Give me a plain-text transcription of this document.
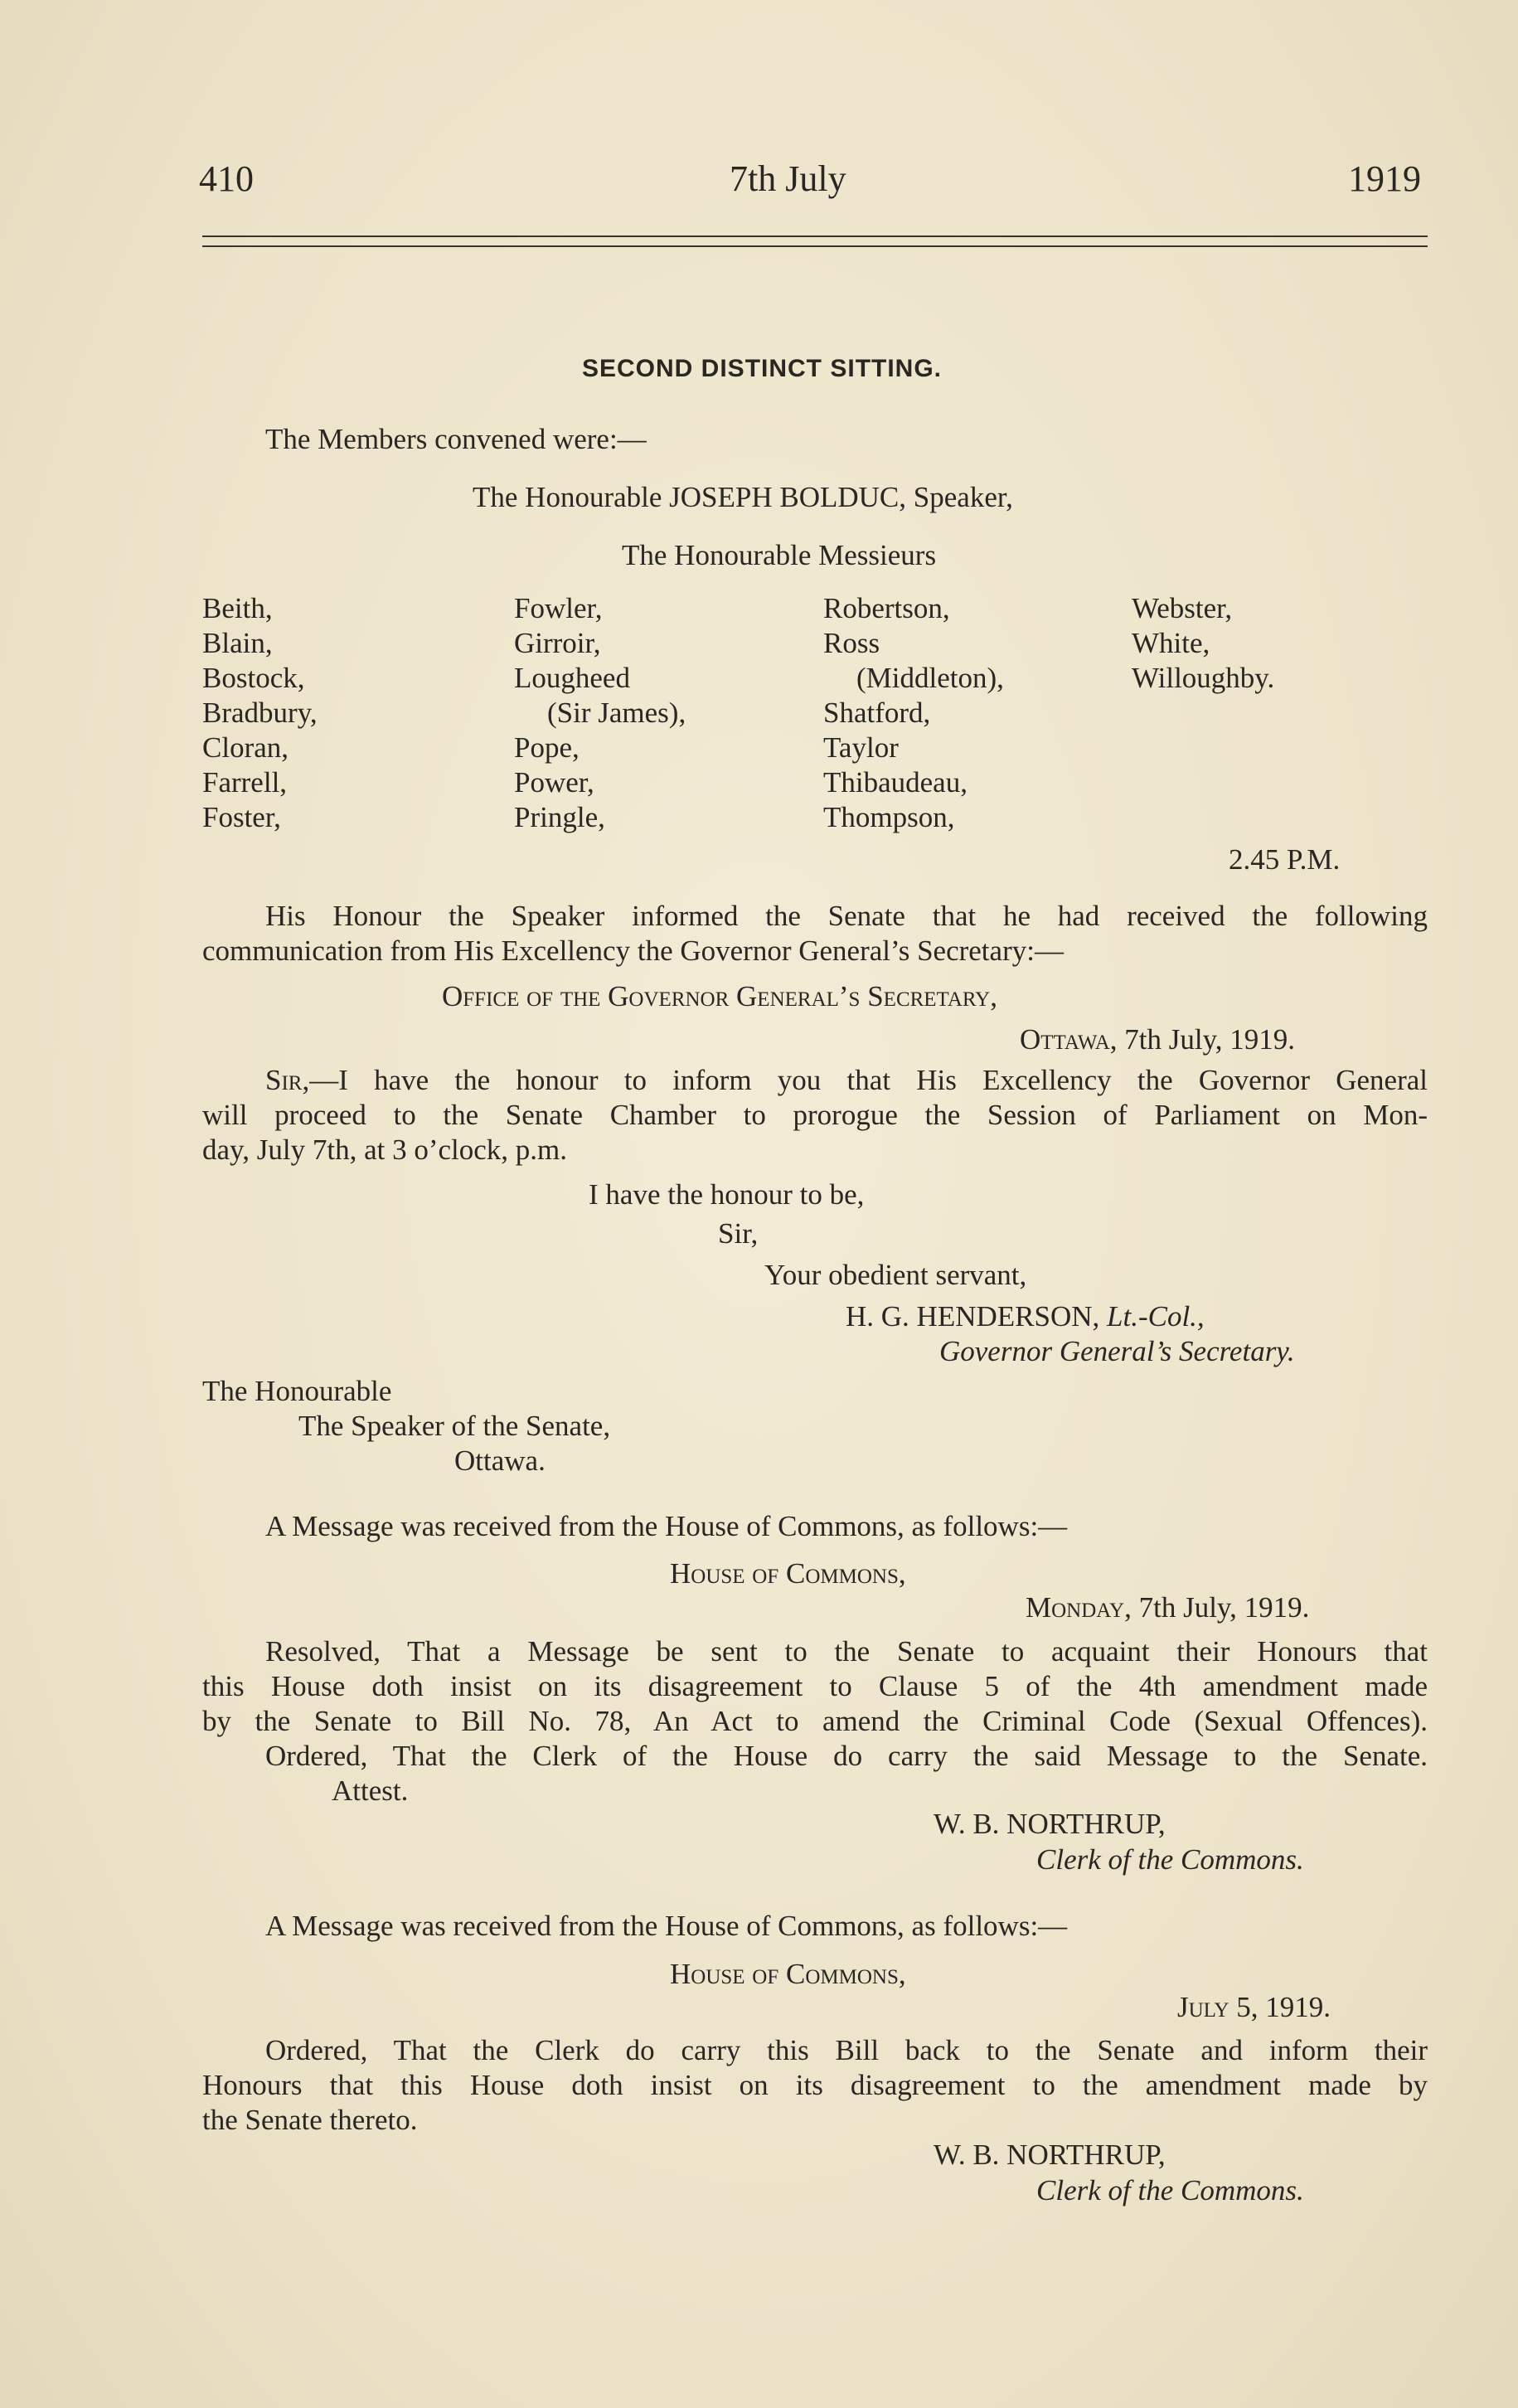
410	7th July	1919
SECOND DISTINCT SITTING.
The Members convened were:—
The Honourable JOSEPH BOLDUC, Speaker,
The Honourable Messieurs
Beith,
Blain,
Bostock,
Bradbury,
Cloran,
Farrell,
Foster,
Fowler,
Girroir,
Lougheed
(Sir James),
Pope,
Power,
Pringle,
Robertson,
Ross
(Middleton),
Shatford,
Taylor
Thibaudeau,
Thompson,
Webster,
White,
Willoughby.
2.45 P.M.
His Honour the Speaker informed the Senate that he had received the following
communication from His Excellency the Governor General’s Secretary:—
Office of the Governor General’s Secretary,
Ottawa, 7th July, 1919.
Sir,—I have the honour to inform you that His Excellency the Governor General
will proceed to the Senate Chamber to prorogue the Session of Parliament on Mon-
day, July 7th, at 3 o’clock, p.m.
I have the honour to be,
Sir,
Your obedient servant,
H. G. HENDERSON, Lt.-Col.,
Governor General’s Secretary.
The Honourable
The Speaker of the Senate,
Ottawa.
A Message was received from the House of Commons, as follows:—
House of Commons,
Monday, 7th July, 1919.
Resolved, That a Message be sent to the Senate to acquaint their Honours that
this House doth insist on its disagreement to Clause 5 of the 4th amendment made
by the Senate to Bill No. 78, An Act to amend the Criminal Code (Sexual Offences).
Ordered, That the Clerk of the House do carry the said Message to the Senate.
Attest.
W. B. NORTHRUP,
Clerk of the Commons.
A Message was received from the House of Commons, as follows:—
House of Commons,
July 5, 1919.
Ordered, That the Clerk do carry this Bill back to the Senate and inform their
Honours that this House doth insist on its disagreement to the amendment made by
the Senate thereto.
W. B. NORTHRUP,
Clerk of the Commons.
